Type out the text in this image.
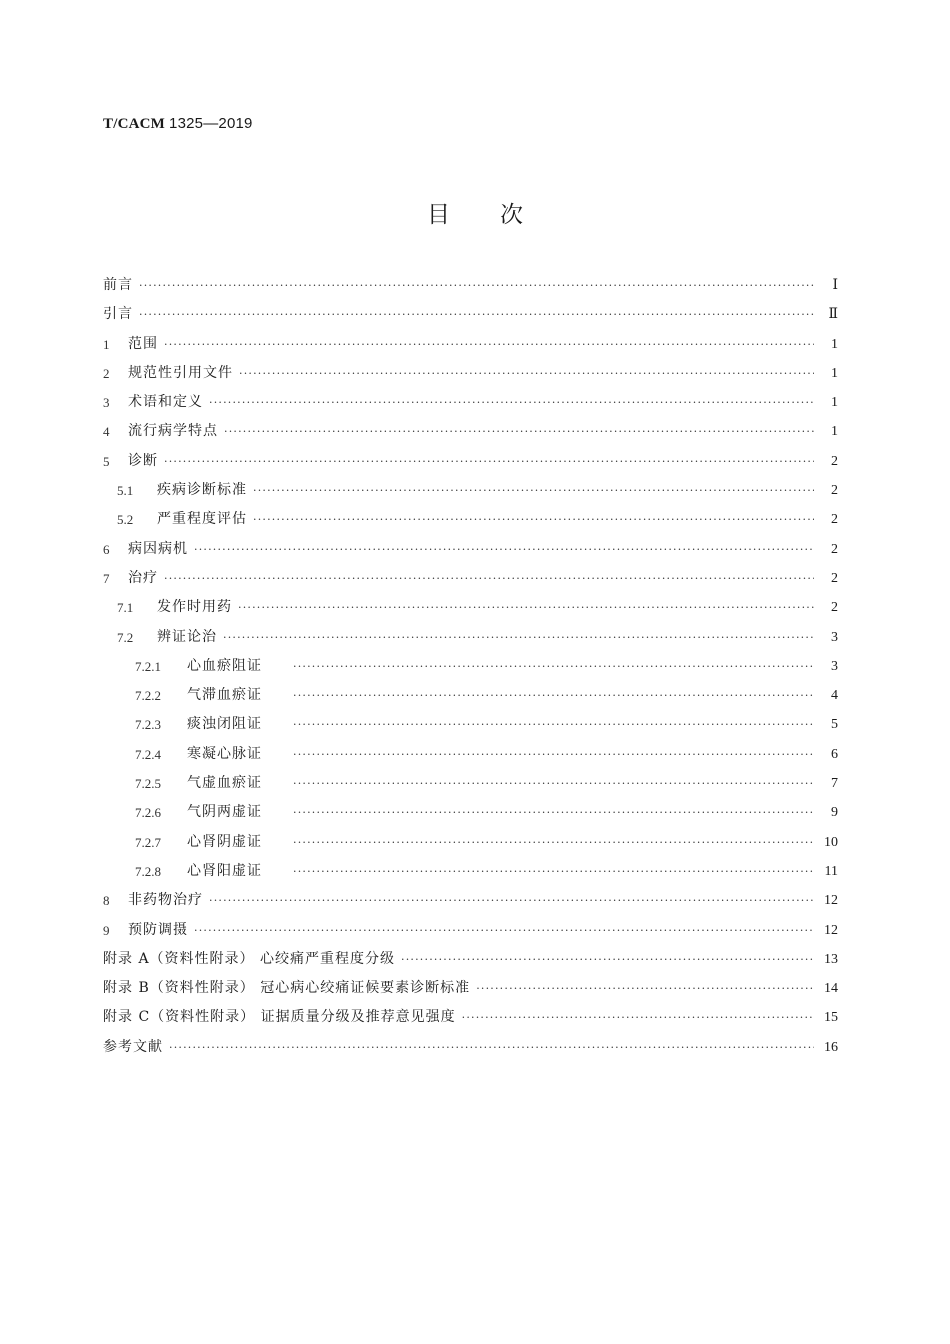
T/CACM 1325—2019
目次
前言 ·····	Ⅰ
引言 ·····	Ⅱ
1	范围 ·····	1
2	规范性引用文件 ·····	1
3	术语和定义 ·····	1
4	流行病学特点 ·····	1
5	诊断 ·····	2
5.1	疾病诊断标准 ·····	2
5.2	严重程度评估 ·····	2
6	病因病机 ·····	2
7	治疗 ·····	2
7.1	发作时用药 ·····	2
7.2	辨证论治 ·····	3
7.2.1	心血瘀阻证 ·····	3
7.2.2	气滞血瘀证 ·····	4
7.2.3	痰浊闭阻证 ·····	5
7.2.4	寒凝心脉证 ·····	6
7.2.5	气虚血瘀证 ·····	7
7.2.6	气阴两虚证 ·····	9
7.2.7	心肾阴虚证 ·····	10
7.2.8	心肾阳虚证 ·····	11
8	非药物治疗 ·····	12
9	预防调摄 ·····	12
附录 A（资料性附录） 心绞痛严重程度分级 ·····	13
附录 B（资料性附录） 冠心病心绞痛证候要素诊断标准 ·····	14
附录 C（资料性附录） 证据质量分级及推荐意见强度 ·····	15
参考文献 ·····	16
